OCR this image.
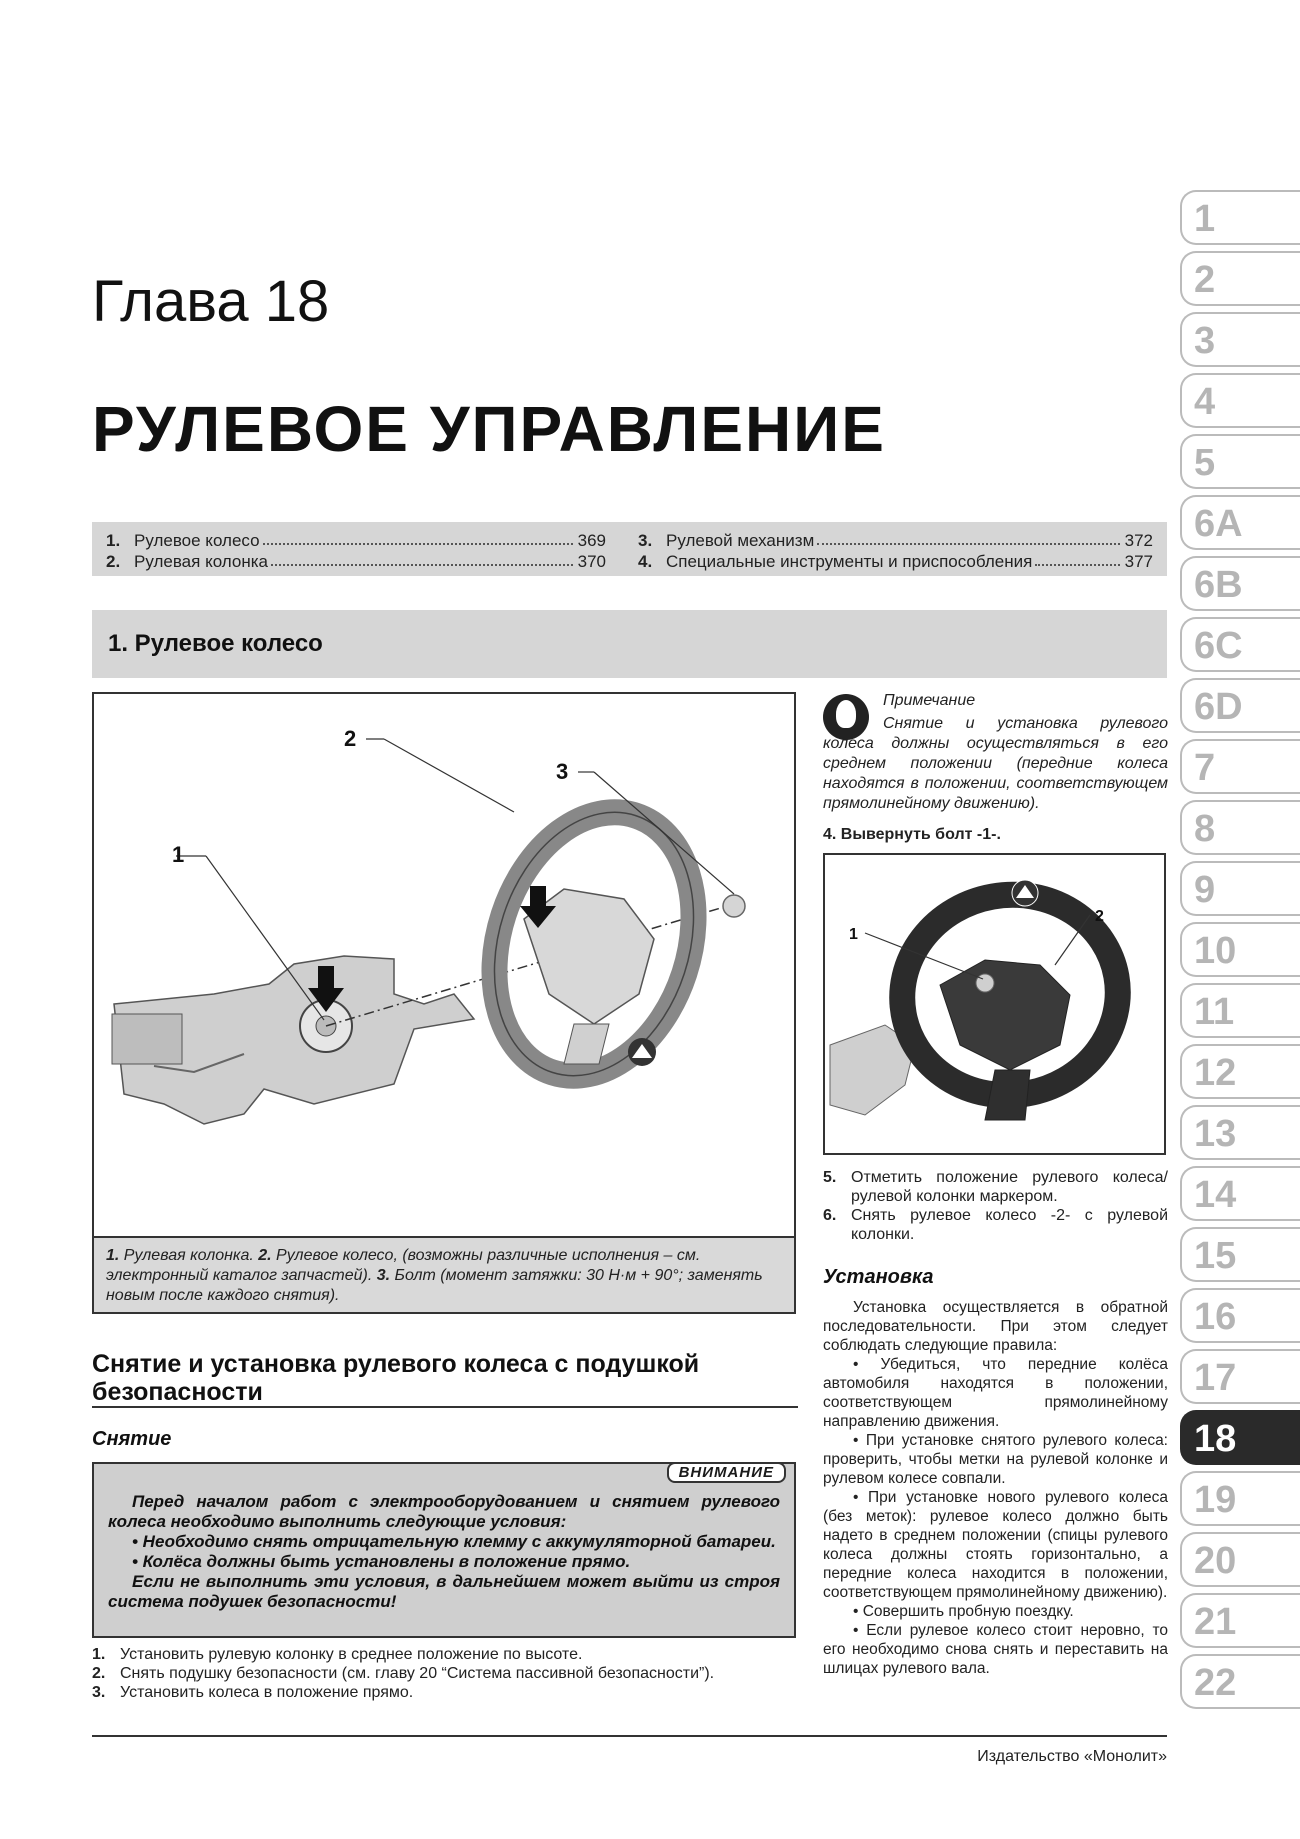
Глава 18
РУЛЕВОЕ УПРАВЛЕНИЕ
1. Рулевое колесо	369
2. Рулевая колонка	370
3. Рулевой механизм	372
4. Специальные инструменты и приспособления	377
1. Рулевое колесо
1
2
3
1. Рулевая колонка. 2. Рулевое колесо, (возможны различные исполнения – см. электронный каталог запчастей). 3. Болт (момент затяжки: 30 Н·м + 90°; заменять новым после каждого снятия).
Снятие и установка рулевого колеса с подушкой безопасности
Снятие
ВНИМАНИЕ

Перед началом работ с электрооборудованием и снятием рулевого колеса необходимо выполнить следующие условия:

• Необходимо снять отрицательную клемму с аккумуляторной батареи.

• Колёса должны быть установлены в положение прямо.

Если не выполнить эти условия, в дальнейшем может выйти из строя система подушек безопасности!

1. Установить рулевую колонку в среднее положение по высоте.
2. Снять подушку безопасности (см. главу 20 “Система пассивной безопасности”).
3. Установить колеса в положение прямо.
Примечание
Снятие и установка рулевого колеса должны осуществляться в его среднем положении (передние колеса находятся в положении, соответствующем прямолинейному движению).
4. Вывернуть болт -1-.
1
2
5. Отметить положение рулевого колеса/рулевой колонки маркером.
6. Снять рулевое колесо -2- с рулевой колонки.
Установка

Установка осуществляется в обратной последовательности. При этом следует соблюдать следующие правила:

• Убедиться, что передние колёса автомобиля находятся в положении, соответствующем прямолинейному направлению движения.

• При установке снятого рулевого колеса: проверить, чтобы метки на рулевой колонке и рулевом колесе совпали.

• При установке нового рулевого колеса (без меток): рулевое колесо должно быть надето в среднем положении (спицы рулевого колеса должны стоять горизонтально, а передние колеса находится в положении, соответствующем прямолинейному движению).

• Совершить пробную поездку.

• Если рулевое колесо стоит неровно, то его необходимо снова снять и переставить на шлицах рулевого вала.

Издательство «Монолит»
1
2
3
4
5
6A
6B
6C
6D
7
8
9
10
11
12
13
14
15
16
17
18
19
20
21
22
